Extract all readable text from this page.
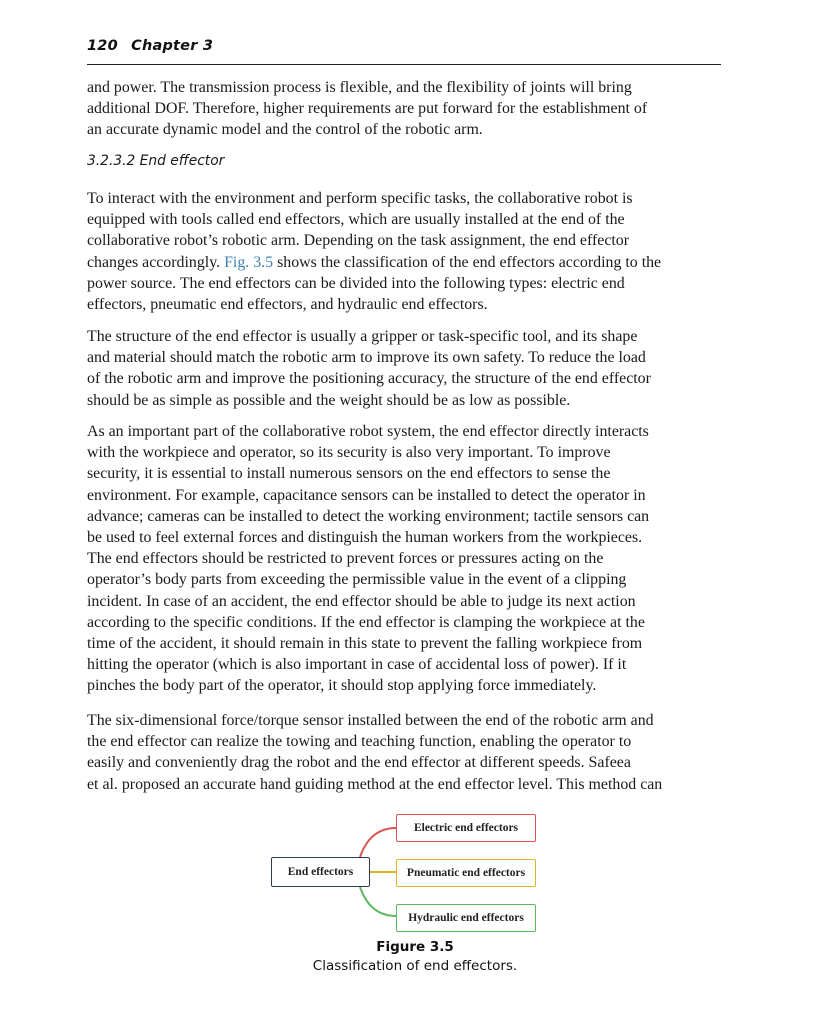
120 Chapter 3
and power. The transmission process is flexible, and the flexibility of joints will bring
additional DOF. Therefore, higher requirements are put forward for the establishment of
an accurate dynamic model and the control of the robotic arm.
3.2.3.2 End effector
To interact with the environment and perform specific tasks, the collaborative robot is
equipped with tools called end effectors, which are usually installed at the end of the
collaborative robot’s robotic arm. Depending on the task assignment, the end effector
changes accordingly. Fig. 3.5 shows the classification of the end effectors according to the
power source. The end effectors can be divided into the following types: electric end
effectors, pneumatic end effectors, and hydraulic end effectors.
The structure of the end effector is usually a gripper or task-specific tool, and its shape
and material should match the robotic arm to improve its own safety. To reduce the load
of the robotic arm and improve the positioning accuracy, the structure of the end effector
should be as simple as possible and the weight should be as low as possible.
As an important part of the collaborative robot system, the end effector directly interacts
with the workpiece and operator, so its security is also very important. To improve
security, it is essential to install numerous sensors on the end effectors to sense the
environment. For example, capacitance sensors can be installed to detect the operator in
advance; cameras can be installed to detect the working environment; tactile sensors can
be used to feel external forces and distinguish the human workers from the workpieces.
The end effectors should be restricted to prevent forces or pressures acting on the
operator’s body parts from exceeding the permissible value in the event of a clipping
incident. In case of an accident, the end effector should be able to judge its next action
according to the specific conditions. If the end effector is clamping the workpiece at the
time of the accident, it should remain in this state to prevent the falling workpiece from
hitting the operator (which is also important in case of accidental loss of power). If it
pinches the body part of the operator, it should stop applying force immediately.
The six-dimensional force/torque sensor installed between the end of the robotic arm and
the end effector can realize the towing and teaching function, enabling the operator to
easily and conveniently drag the robot and the end effector at different speeds. Safeea
et al. proposed an accurate hand guiding method at the end effector level. This method can
End effectors
Electric end effectors
Pneumatic end effectors
Hydraulic end effectors
Figure 3.5
Classification of end effectors.
